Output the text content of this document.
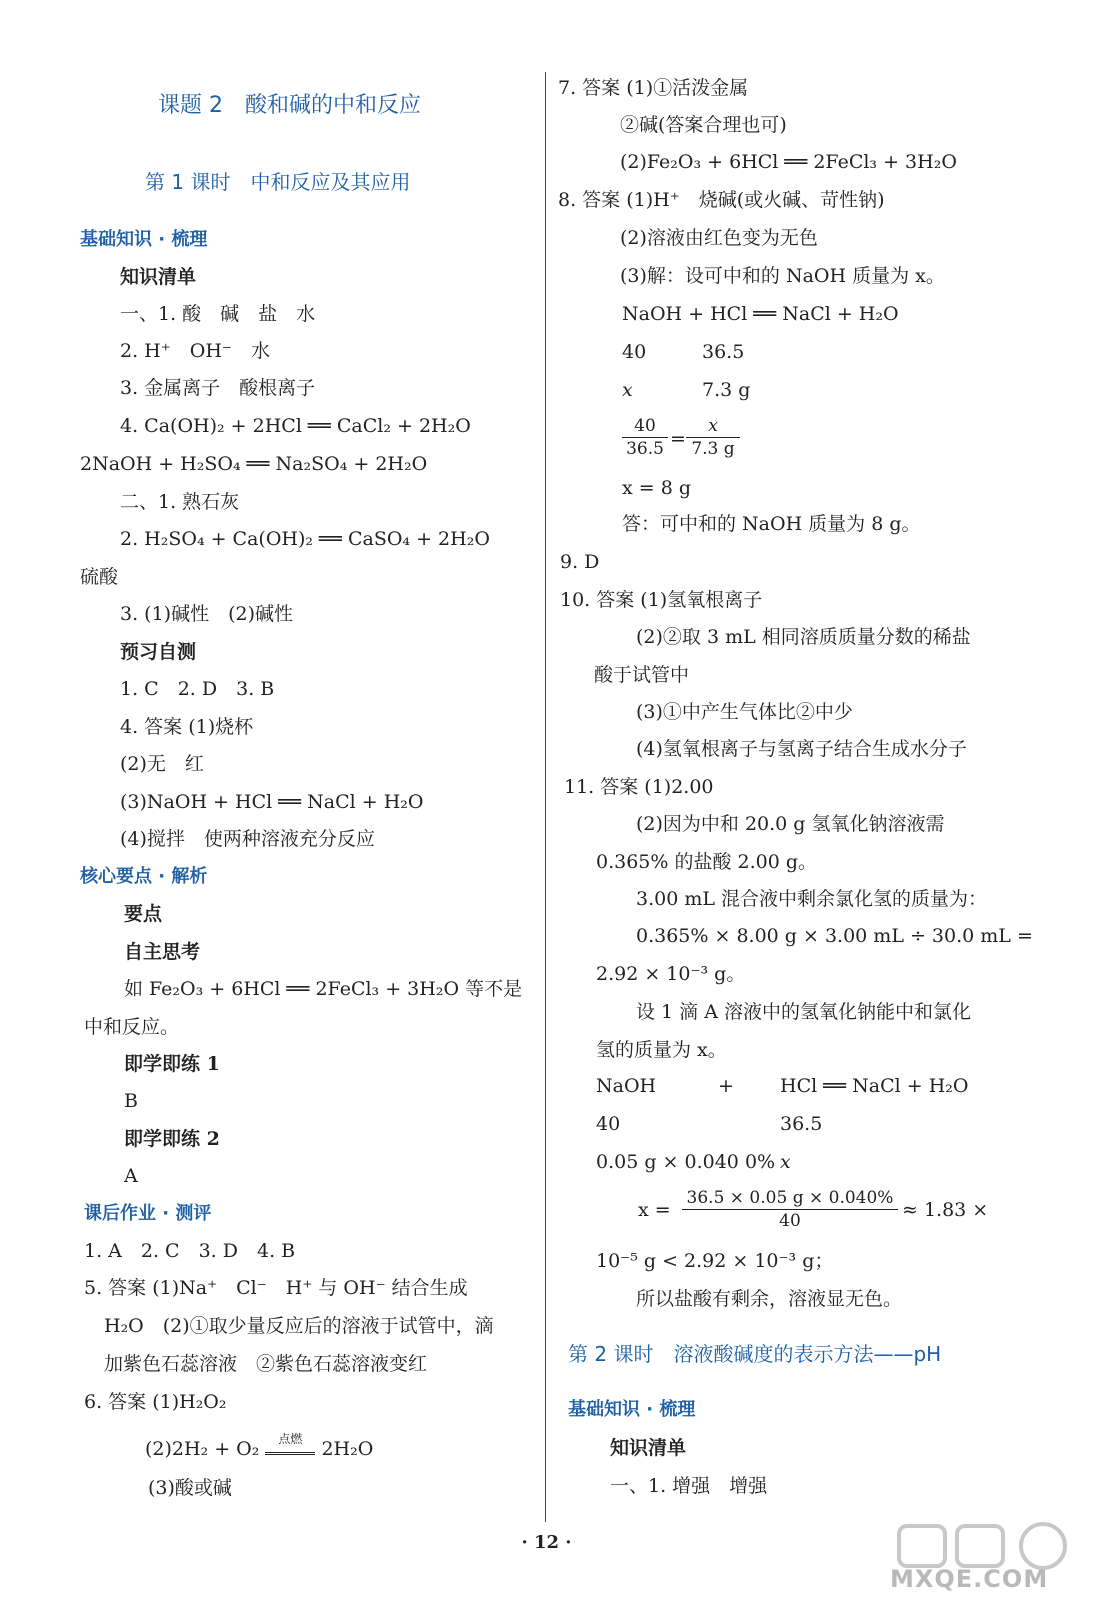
课题 2　酸和碱的中和反应
第 1 课时　中和反应及其应用
基础知识 · 梳理
知识清单
一、1. 酸　碱　盐　水
2. H⁺　OH⁻　水
3. 金属离子　酸根离子
4. Ca(OH)₂ + 2HCl ══ CaCl₂ + 2H₂O
2NaOH + H₂SO₄ ══ Na₂SO₄ + 2H₂O
二、1. 熟石灰
2. H₂SO₄ + Ca(OH)₂ ══ CaSO₄ + 2H₂O
硫酸
3. (1)碱性　(2)碱性
预习自测
1. C　2. D　3. B
4. 答案 (1)烧杯
(2)无　红
(3)NaOH + HCl ══ NaCl + H₂O
(4)搅拌　使两种溶液充分反应
核心要点 · 解析
要点
自主思考
如 Fe₂O₃ + 6HCl ══ 2FeCl₃ + 3H₂O 等不是
中和反应。
即学即练 1
B
即学即练 2
A
课后作业 · 测评
1. A　2. C　3. D　4. B
5. 答案 (1)Na⁺　Cl⁻　H⁺ 与 OH⁻ 结合生成
H₂O　(2)①取少量反应后的溶液于试管中，滴
加紫色石蕊溶液　②紫色石蕊溶液变红
6. 答案 (1)H₂O₂
(2)2H₂ + O₂	点燃 2H₂O
(3)酸或碱
7. 答案 (1)①活泼金属
②碱(答案合理也可)
(2)Fe₂O₃ + 6HCl ══ 2FeCl₃ + 3H₂O
8. 答案 (1)H⁺　烧碱(或火碱、苛性钠)
(2)溶液由红色变为无色
(3)解：设可中和的 NaOH 质量为 x。
NaOH + HCl ══ NaCl + H₂O
40	36.5
x	7.3 g
$\frac{40}{36.5} = \frac{x}{7.3 g}$
x = 8 g
答：可中和的 NaOH 质量为 8 g。
9. D
10. 答案 (1)氢氧根离子
(2)②取 3 mL 相同溶质质量分数的稀盐
酸于试管中
(3)①中产生气体比②中少
(4)氢氧根离子与氢离子结合生成水分子
11. 答案 (1)2.00
(2)因为中和 20.0 g 氢氧化钠溶液需
0.365% 的盐酸 2.00 g。
3.00 mL 混合液中剩余氯化氢的质量为：
0.365% × 8.00 g × 3.00 mL ÷ 30.0 mL =
2.92 × 10⁻³ g。
设 1 滴 A 溶液中的氢氧化钠能中和氯化
氢的质量为 x。
NaOH	+ HCl ══ NaCl + H₂O
40	36.5
0.05 g × 0.040 0% x
$x = \frac{36.5 \times 0.05 g \times 0.040\%}{40} \approx 1.83$ ×
10⁻⁵ g < 2.92 × 10⁻³ g；
所以盐酸有剩余，溶液显无色。
第 2 课时　溶液酸碱度的表示方法——pH
基础知识 · 梳理
知识清单
一、1. 增强　增强
· 12 ·
MXQE.COM
